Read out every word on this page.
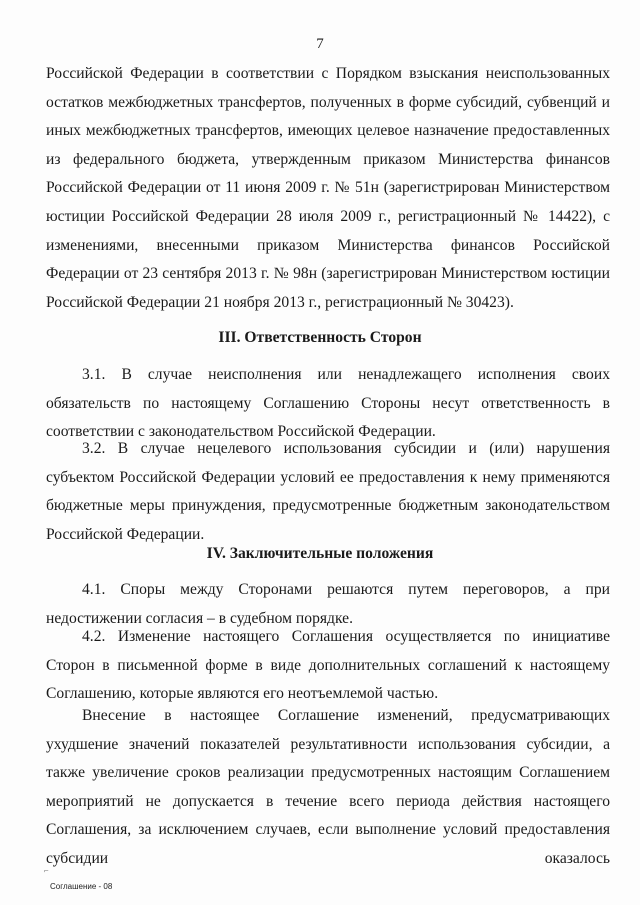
7

Российской Федерации в соответствии с Порядком взыскания неиспользованных остатков межбюджетных трансфертов, полученных в форме субсидий, субвенций и иных межбюджетных трансфертов, имеющих целевое назначение предоставленных из федерального бюджета, утвержденным приказом Министерства финансов Российской Федерации от 11 июня 2009 г. № 51н (зарегистрирован Министерством юстиции Российской Федерации 28 июля 2009 г., регистрационный № 14422), с изменениями, внесенными приказом Министерства финансов Российской Федерации от 23 сентября 2013 г. № 98н (зарегистрирован Министерством юстиции Российской Федерации 21 ноября 2013 г., регистрационный № 30423).

III. Ответственность Сторон

3.1. В случае неисполнения или ненадлежащего исполнения своих обязательств по настоящему Соглашению Стороны несут ответственность в соответствии с законодательством Российской Федерации.

3.2. В случае нецелевого использования субсидии и (или) нарушения субъектом Российской Федерации условий ее предоставления к нему применяются бюджетные меры принуждения, предусмотренные бюджетным законодательством Российской Федерации.

IV. Заключительные положения

4.1. Споры между Сторонами решаются путем переговоров, а при недостижении согласия – в судебном порядке.

4.2. Изменение настоящего Соглашения осуществляется по инициативе Сторон в письменной форме в виде дополнительных соглашений к настоящему Соглашению, которые являются его неотъемлемой частью.

Внесение в настоящее Соглашение изменений, предусматривающих ухудшение значений показателей результативности использования субсидии, а также увеличение сроков реализации предусмотренных настоящим Соглашением мероприятий не допускается в течение всего периода действия настоящего Соглашения, за исключением случаев, если выполнение условий предоставления субсидии оказалось

⌐
Соглашение - 08
